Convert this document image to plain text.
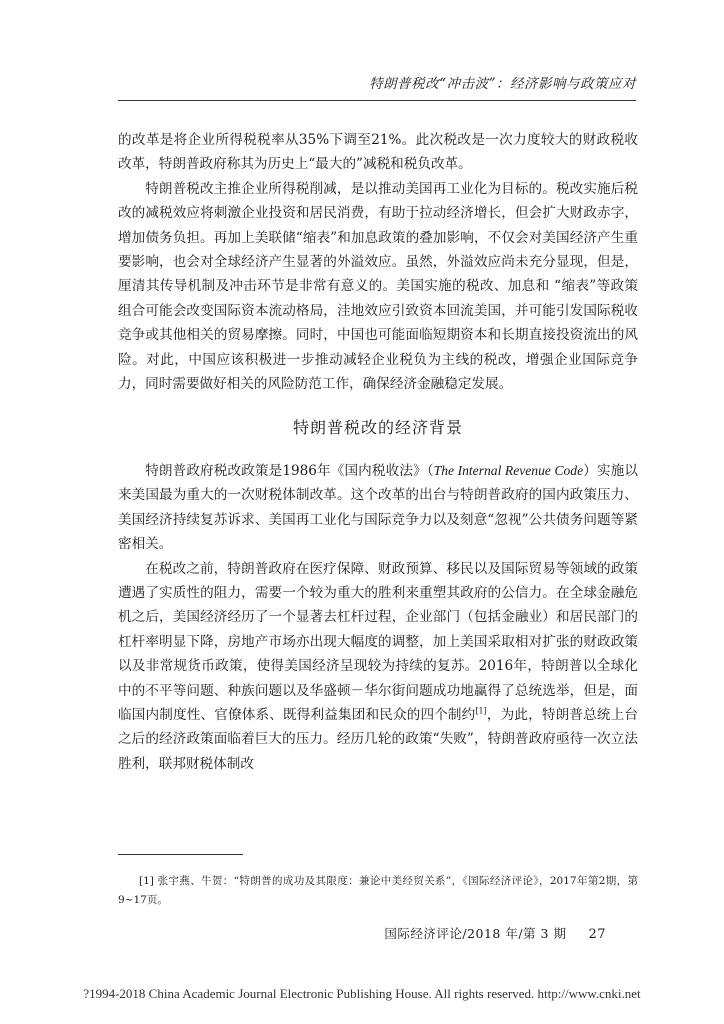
特朗普税改“冲击波”：经济影响与政策应对

的改革是将企业所得税税率从35%下调至21%。此次税改是一次力度较大的财政税收改革，特朗普政府称其为历史上“最大的”减税和税负改革。

特朗普税改主推企业所得税削减，是以推动美国再工业化为目标的。税改实施后税改的减税效应将刺激企业投资和居民消费，有助于拉动经济增长，但会扩大财政赤字，增加债务负担。再加上美联储“缩表”和加息政策的叠加影响，不仅会对美国经济产生重要影响，也会对全球经济产生显著的外溢效应。虽然，外溢效应尚未充分显现，但是，厘清其传导机制及冲击环节是非常有意义的。美国实施的税改、加息和 “缩表”等政策组合可能会改变国际资本流动格局，洼地效应引致资本回流美国，并可能引发国际税收竞争或其他相关的贸易摩擦。同时，中国也可能面临短期资本和长期直接投资流出的风险。对此，中国应该积极进一步推动减轻企业税负为主线的税改，增强企业国际竞争力，同时需要做好相关的风险防范工作，确保经济金融稳定发展。

特朗普税改的经济背景

特朗普政府税改政策是1986年《国内税收法》（The Internal Revenue Code）实施以来美国最为重大的一次财税体制改革。这个改革的出台与特朗普政府的国内政策压力、美国经济持续复苏诉求、美国再工业化与国际竞争力以及刻意“忽视”公共债务问题等紧密相关。

在税改之前，特朗普政府在医疗保障、财政预算、移民以及国际贸易等领域的政策遭遇了实质性的阻力，需要一个较为重大的胜利来重塑其政府的公信力。在全球金融危机之后，美国经济经历了一个显著去杠杆过程，企业部门（包括金融业）和居民部门的杠杆率明显下降，房地产市场亦出现大幅度的调整，加上美国采取相对扩张的财政政策以及非常规货币政策，使得美国经济呈现较为持续的复苏。2016年，特朗普以全球化中的不平等问题、种族问题以及华盛顿－华尔街问题成功地赢得了总统选举，但是，面临国内制度性、官僚体系、既得利益集团和民众的四个制约[1]，为此，特朗普总统上台之后的经济政策面临着巨大的压力。经历几轮的政策“失败”，特朗普政府亟待一次立法胜利，联邦财税体制改

[1] 张宇燕、牛贺：“特朗普的成功及其限度：兼论中美经贸关系”，《国际经济评论》，2017年第2期，第9~17页。
国际经济评论/2018 年/第 3 期 27
?1994-2018 China Academic Journal Electronic Publishing House. All rights reserved. http://www.cnki.net
